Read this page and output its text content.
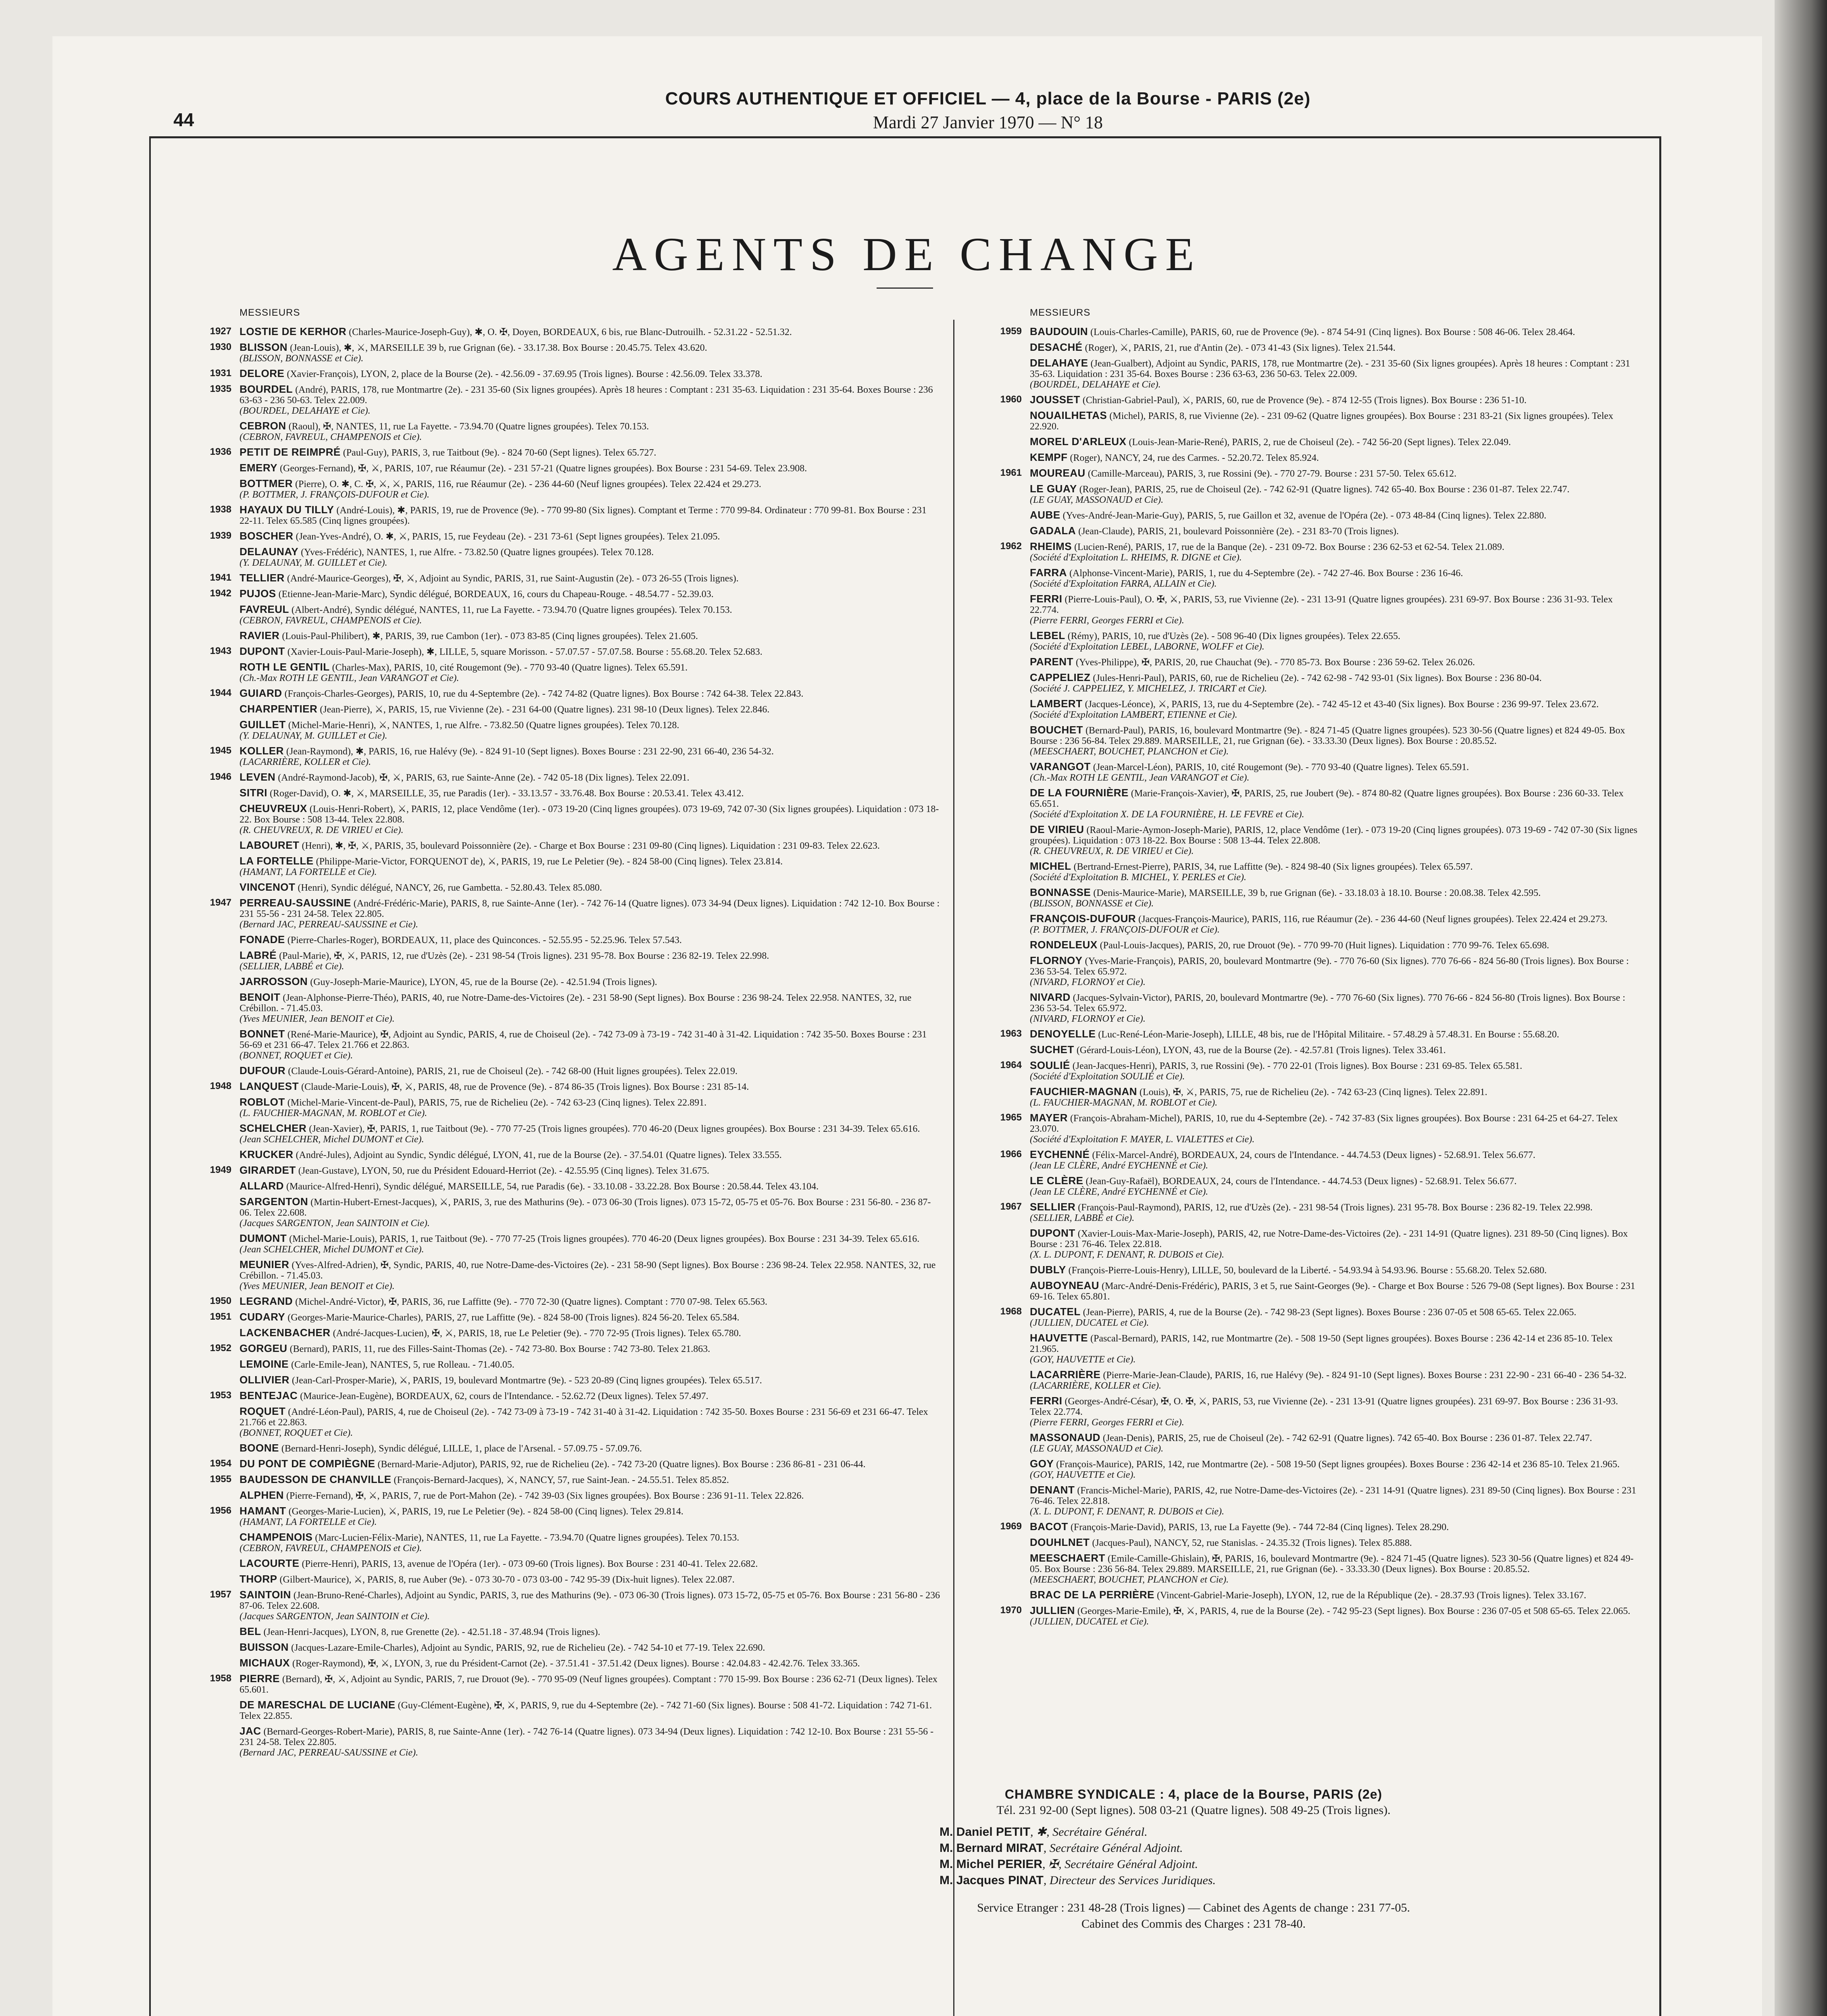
44
COURS AUTHENTIQUE ET OFFICIEL — 4, place de la Bourse - PARIS (2e)
Mardi 27 Janvier 1970 — N° 18
AGENTS DE CHANGE
MESSIEURS
1927 LOSTIE DE KERHOR (Charles-Maurice-Joseph-Guy), ✱, O. ✠, Doyen, BORDEAUX, 6 bis, rue Blanc-Dutrouilh. - 52.31.22 - 52.51.32.
1930 BLISSON (Jean-Louis), ✱, ⚔, MARSEILLE 39 b, rue Grignan (6e). - 33.17.38. Box Bourse : 20.45.75. Telex 43.620.
(BLISSON, BONNASSE et Cie).
1931 DELORE (Xavier-François), LYON, 2, place de la Bourse (2e). - 42.56.09 - 37.69.95 (Trois lignes). Bourse : 42.56.09. Telex 33.378.
1935 BOURDEL (André), PARIS, 178, rue Montmartre (2e). - 231 35-60 (Six lignes groupées). Après 18 heures : Comptant : 231 35-63. Liquidation : 231 35-64. Boxes Bourse : 236 63-63 - 236 50-63. Telex 22.009.
(BOURDEL, DELAHAYE et Cie).
CEBRON (Raoul), ✠, NANTES, 11, rue La Fayette. - 73.94.70 (Quatre lignes groupées). Telex 70.153.
(CEBRON, FAVREUL, CHAMPENOIS et Cie).
1936 PETIT DE REIMPRÉ (Paul-Guy), PARIS, 3, rue Taitbout (9e). - 824 70-60 (Sept lignes). Telex 65.727.
EMERY (Georges-Fernand), ✠, ⚔, PARIS, 107, rue Réaumur (2e). - 231 57-21 (Quatre lignes groupées). Box Bourse : 231 54-69. Telex 23.908.
BOTTMER (Pierre), O. ✱, C. ✠, ⚔, ⚔, PARIS, 116, rue Réaumur (2e). - 236 44-60 (Neuf lignes groupées). Telex 22.424 et 29.273.
(P. BOTTMER, J. FRANÇOIS-DUFOUR et Cie).
1938 HAYAUX DU TILLY (André-Louis), ✱, PARIS, 19, rue de Provence (9e). - 770 99-80 (Six lignes). Comptant et Terme : 770 99-84. Ordinateur : 770 99-81. Box Bourse : 231 22-11. Telex 65.585 (Cinq lignes groupées).
1939 BOSCHER (Jean-Yves-André), O. ✱, ⚔, PARIS, 15, rue Feydeau (2e). - 231 73-61 (Sept lignes groupées). Telex 21.095.
DELAUNAY (Yves-Frédéric), NANTES, 1, rue Alfre. - 73.82.50 (Quatre lignes groupées). Telex 70.128.
(Y. DELAUNAY, M. GUILLET et Cie).
1941 TELLIER (André-Maurice-Georges), ✠, ⚔, Adjoint au Syndic, PARIS, 31, rue Saint-Augustin (2e). - 073 26-55 (Trois lignes).
1942 PUJOS (Etienne-Jean-Marie-Marc), Syndic délégué, BORDEAUX, 16, cours du Chapeau-Rouge. - 48.54.77 - 52.39.03.
FAVREUL (Albert-André), Syndic délégué, NANTES, 11, rue La Fayette. - 73.94.70 (Quatre lignes groupées). Telex 70.153.
(CEBRON, FAVREUL, CHAMPENOIS et Cie).
RAVIER (Louis-Paul-Philibert), ✱, PARIS, 39, rue Cambon (1er). - 073 83-85 (Cinq lignes groupées). Telex 21.605.
1943 DUPONT (Xavier-Louis-Paul-Marie-Joseph), ✱, LILLE, 5, square Morisson. - 57.07.57 - 57.07.58. Bourse : 55.68.20. Telex 52.683.
ROTH LE GENTIL (Charles-Max), PARIS, 10, cité Rougemont (9e). - 770 93-40 (Quatre lignes). Telex 65.591.
(Ch.-Max ROTH LE GENTIL, Jean VARANGOT et Cie).
1944 GUIARD (François-Charles-Georges), PARIS, 10, rue du 4-Septembre (2e). - 742 74-82 (Quatre lignes). Box Bourse : 742 64-38. Telex 22.843.
CHARPENTIER (Jean-Pierre), ⚔, PARIS, 15, rue Vivienne (2e). - 231 64-00 (Quatre lignes). 231 98-10 (Deux lignes). Telex 22.846.
GUILLET (Michel-Marie-Henri), ⚔, NANTES, 1, rue Alfre. - 73.82.50 (Quatre lignes groupées). Telex 70.128.
(Y. DELAUNAY, M. GUILLET et Cie).
1945 KOLLER (Jean-Raymond), ✱, PARIS, 16, rue Halévy (9e). - 824 91-10 (Sept lignes). Boxes Bourse : 231 22-90, 231 66-40, 236 54-32.
(LACARRIÈRE, KOLLER et Cie).
1946 LEVEN (André-Raymond-Jacob), ✠, ⚔, PARIS, 63, rue Sainte-Anne (2e). - 742 05-18 (Dix lignes). Telex 22.091.
SITRI (Roger-David), O. ✱, ⚔, MARSEILLE, 35, rue Paradis (1er). - 33.13.57 - 33.76.48. Box Bourse : 20.53.41. Telex 43.412.
CHEUVREUX (Louis-Henri-Robert), ⚔, PARIS, 12, place Vendôme (1er). - 073 19-20 (Cinq lignes groupées). 073 19-69, 742 07-30 (Six lignes groupées). Liquidation : 073 18-22. Box Bourse : 508 13-44. Telex 22.808.
(R. CHEUVREUX, R. DE VIRIEU et Cie).
LABOURET (Henri), ✱, ✠, ⚔, PARIS, 35, boulevard Poissonnière (2e). - Charge et Box Bourse : 231 09-80 (Cinq lignes). Liquidation : 231 09-83. Telex 22.623.
LA FORTELLE (Philippe-Marie-Victor, FORQUENOT de), ⚔, PARIS, 19, rue Le Peletier (9e). - 824 58-00 (Cinq lignes). Telex 23.814.
(HAMANT, LA FORTELLE et Cie).
VINCENOT (Henri), Syndic délégué, NANCY, 26, rue Gambetta. - 52.80.43. Telex 85.080.
1947 PERREAU-SAUSSINE (André-Frédéric-Marie), PARIS, 8, rue Sainte-Anne (1er). - 742 76-14 (Quatre lignes). 073 34-94 (Deux lignes). Liquidation : 742 12-10. Box Bourse : 231 55-56 - 231 24-58. Telex 22.805.
(Bernard JAC, PERREAU-SAUSSINE et Cie).
FONADE (Pierre-Charles-Roger), BORDEAUX, 11, place des Quinconces. - 52.55.95 - 52.25.96. Telex 57.543.
LABRÉ (Paul-Marie), ✠, ⚔, PARIS, 12, rue d'Uzès (2e). - 231 98-54 (Trois lignes). 231 95-78. Box Bourse : 236 82-19. Telex 22.998.
(SELLIER, LABBÉ et Cie).
JARROSSON (Guy-Joseph-Marie-Maurice), LYON, 45, rue de la Bourse (2e). - 42.51.94 (Trois lignes).
BENOIT (Jean-Alphonse-Pierre-Théo), PARIS, 40, rue Notre-Dame-des-Victoires (2e). - 231 58-90 (Sept lignes). Box Bourse : 236 98-24. Telex 22.958. NANTES, 32, rue Crébillon. - 71.45.03.
(Yves MEUNIER, Jean BENOIT et Cie).
BONNET (René-Marie-Maurice), ✠, Adjoint au Syndic, PARIS, 4, rue de Choiseul (2e). - 742 73-09 à 73-19 - 742 31-40 à 31-42. Liquidation : 742 35-50. Boxes Bourse : 231 56-69 et 231 66-47. Telex 21.766 et 22.863.
(BONNET, ROQUET et Cie).
DUFOUR (Claude-Louis-Gérard-Antoine), PARIS, 21, rue de Choiseul (2e). - 742 68-00 (Huit lignes groupées). Telex 22.019.
1948 LANQUEST (Claude-Marie-Louis), ✠, ⚔, PARIS, 48, rue de Provence (9e). - 874 86-35 (Trois lignes). Box Bourse : 231 85-14.
ROBLOT (Michel-Marie-Vincent-de-Paul), PARIS, 75, rue de Richelieu (2e). - 742 63-23 (Cinq lignes). Telex 22.891.
(L. FAUCHIER-MAGNAN, M. ROBLOT et Cie).
SCHELCHER (Jean-Xavier), ✠, PARIS, 1, rue Taitbout (9e). - 770 77-25 (Trois lignes groupées). 770 46-20 (Deux lignes groupées). Box Bourse : 231 34-39. Telex 65.616.
(Jean SCHELCHER, Michel DUMONT et Cie).
KRUCKER (André-Jules), Adjoint au Syndic, Syndic délégué, LYON, 41, rue de la Bourse (2e). - 37.54.01 (Quatre lignes). Telex 33.555.
1949 GIRARDET (Jean-Gustave), LYON, 50, rue du Président Edouard-Herriot (2e). - 42.55.95 (Cinq lignes). Telex 31.675.
ALLARD (Maurice-Alfred-Henri), Syndic délégué, MARSEILLE, 54, rue Paradis (6e). - 33.10.08 - 33.22.28. Box Bourse : 20.58.44. Telex 43.104.
SARGENTON (Martin-Hubert-Ernest-Jacques), ⚔, PARIS, 3, rue des Mathurins (9e). - 073 06-30 (Trois lignes). 073 15-72, 05-75 et 05-76. Box Bourse : 231 56-80. - 236 87-06. Telex 22.608.
(Jacques SARGENTON, Jean SAINTOIN et Cie).
DUMONT (Michel-Marie-Louis), PARIS, 1, rue Taitbout (9e). - 770 77-25 (Trois lignes groupées). 770 46-20 (Deux lignes groupées). Box Bourse : 231 34-39. Telex 65.616.
(Jean SCHELCHER, Michel DUMONT et Cie).
MEUNIER (Yves-Alfred-Adrien), ✠, Syndic, PARIS, 40, rue Notre-Dame-des-Victoires (2e). - 231 58-90 (Sept lignes). Box Bourse : 236 98-24. Telex 22.958. NANTES, 32, rue Crébillon. - 71.45.03.
(Yves MEUNIER, Jean BENOIT et Cie).
1950 LEGRAND (Michel-André-Victor), ✠, PARIS, 36, rue Laffitte (9e). - 770 72-30 (Quatre lignes). Comptant : 770 07-98. Telex 65.563.
1951 CUDARY (Georges-Marie-Maurice-Charles), PARIS, 27, rue Laffitte (9e). - 824 58-00 (Trois lignes). 824 56-20. Telex 65.584.
LACKENBACHER (André-Jacques-Lucien), ✠, ⚔, PARIS, 18, rue Le Peletier (9e). - 770 72-95 (Trois lignes). Telex 65.780.
1952 GORGEU (Bernard), PARIS, 11, rue des Filles-Saint-Thomas (2e). - 742 73-80. Box Bourse : 742 73-80. Telex 21.863.
LEMOINE (Carle-Emile-Jean), NANTES, 5, rue Rolleau. - 71.40.05.
OLLIVIER (Jean-Carl-Prosper-Marie), ⚔, PARIS, 19, boulevard Montmartre (9e). - 523 20-89 (Cinq lignes groupées). Telex 65.517.
1953 BENTEJAC (Maurice-Jean-Eugène), BORDEAUX, 62, cours de l'Intendance. - 52.62.72 (Deux lignes). Telex 57.497.
ROQUET (André-Léon-Paul), PARIS, 4, rue de Choiseul (2e). - 742 73-09 à 73-19 - 742 31-40 à 31-42. Liquidation : 742 35-50. Boxes Bourse : 231 56-69 et 231 66-47. Telex 21.766 et 22.863.
(BONNET, ROQUET et Cie).
BOONE (Bernard-Henri-Joseph), Syndic délégué, LILLE, 1, place de l'Arsenal. - 57.09.75 - 57.09.76.
1954 DU PONT DE COMPIÈGNE (Bernard-Marie-Adjutor), PARIS, 92, rue de Richelieu (2e). - 742 73-20 (Quatre lignes). Box Bourse : 236 86-81 - 231 06-44.
1955 BAUDESSON DE CHANVILLE (François-Bernard-Jacques), ⚔, NANCY, 57, rue Saint-Jean. - 24.55.51. Telex 85.852.
ALPHEN (Pierre-Fernand), ✠, ⚔, PARIS, 7, rue de Port-Mahon (2e). - 742 39-03 (Six lignes groupées). Box Bourse : 236 91-11. Telex 22.826.
1956 HAMANT (Georges-Marie-Lucien), ⚔, PARIS, 19, rue Le Peletier (9e). - 824 58-00 (Cinq lignes). Telex 29.814.
(HAMANT, LA FORTELLE et Cie).
CHAMPENOIS (Marc-Lucien-Félix-Marie), NANTES, 11, rue La Fayette. - 73.94.70 (Quatre lignes groupées). Telex 70.153.
(CEBRON, FAVREUL, CHAMPENOIS et Cie).
LACOURTE (Pierre-Henri), PARIS, 13, avenue de l'Opéra (1er). - 073 09-60 (Trois lignes). Box Bourse : 231 40-41. Telex 22.682.
THORP (Gilbert-Maurice), ⚔, PARIS, 8, rue Auber (9e). - 073 30-70 - 073 03-00 - 742 95-39 (Dix-huit lignes). Telex 22.087.
1957 SAINTOIN (Jean-Bruno-René-Charles), Adjoint au Syndic, PARIS, 3, rue des Mathurins (9e). - 073 06-30 (Trois lignes). 073 15-72, 05-75 et 05-76. Box Bourse : 231 56-80 - 236 87-06. Telex 22.608.
(Jacques SARGENTON, Jean SAINTOIN et Cie).
BEL (Jean-Henri-Jacques), LYON, 8, rue Grenette (2e). - 42.51.18 - 37.48.94 (Trois lignes).
BUISSON (Jacques-Lazare-Emile-Charles), Adjoint au Syndic, PARIS, 92, rue de Richelieu (2e). - 742 54-10 et 77-19. Telex 22.690.
MICHAUX (Roger-Raymond), ✠, ⚔, LYON, 3, rue du Président-Carnot (2e). - 37.51.41 - 37.51.42 (Deux lignes). Bourse : 42.04.83 - 42.42.76. Telex 33.365.
1958 PIERRE (Bernard), ✠, ⚔, Adjoint au Syndic, PARIS, 7, rue Drouot (9e). - 770 95-09 (Neuf lignes groupées). Comptant : 770 15-99. Box Bourse : 236 62-71 (Deux lignes). Telex 65.601.
DE MARESCHAL DE LUCIANE (Guy-Clément-Eugène), ✠, ⚔, PARIS, 9, rue du 4-Septembre (2e). - 742 71-60 (Six lignes). Bourse : 508 41-72. Liquidation : 742 71-61. Telex 22.855.
JAC (Bernard-Georges-Robert-Marie), PARIS, 8, rue Sainte-Anne (1er). - 742 76-14 (Quatre lignes). 073 34-94 (Deux lignes). Liquidation : 742 12-10. Box Bourse : 231 55-56 - 231 24-58. Telex 22.805.
(Bernard JAC, PERREAU-SAUSSINE et Cie).
MESSIEURS
1959 BAUDOUIN (Louis-Charles-Camille), PARIS, 60, rue de Provence (9e). - 874 54-91 (Cinq lignes). Box Bourse : 508 46-06. Telex 28.464.
DESACHÉ (Roger), ⚔, PARIS, 21, rue d'Antin (2e). - 073 41-43 (Six lignes). Telex 21.544.
DELAHAYE (Jean-Gualbert), Adjoint au Syndic, PARIS, 178, rue Montmartre (2e). - 231 35-60 (Six lignes groupées). Après 18 heures : Comptant : 231 35-63. Liquidation : 231 35-64. Boxes Bourse : 236 63-63, 236 50-63. Telex 22.009.
(BOURDEL, DELAHAYE et Cie).
1960 JOUSSET (Christian-Gabriel-Paul), ⚔, PARIS, 60, rue de Provence (9e). - 874 12-55 (Trois lignes). Box Bourse : 236 51-10.
NOUAILHETAS (Michel), PARIS, 8, rue Vivienne (2e). - 231 09-62 (Quatre lignes groupées). Box Bourse : 231 83-21 (Six lignes groupées). Telex 22.920.
MOREL D'ARLEUX (Louis-Jean-Marie-René), PARIS, 2, rue de Choiseul (2e). - 742 56-20 (Sept lignes). Telex 22.049.
KEMPF (Roger), NANCY, 24, rue des Carmes. - 52.20.72. Telex 85.924.
1961 MOUREAU (Camille-Marceau), PARIS, 3, rue Rossini (9e). - 770 27-79. Bourse : 231 57-50. Telex 65.612.
LE GUAY (Roger-Jean), PARIS, 25, rue de Choiseul (2e). - 742 62-91 (Quatre lignes). 742 65-40. Box Bourse : 236 01-87. Telex 22.747.
(LE GUAY, MASSONAUD et Cie).
AUBE (Yves-André-Jean-Marie-Guy), PARIS, 5, rue Gaillon et 32, avenue de l'Opéra (2e). - 073 48-84 (Cinq lignes). Telex 22.880.
GADALA (Jean-Claude), PARIS, 21, boulevard Poissonnière (2e). - 231 83-70 (Trois lignes).
1962 RHEIMS (Lucien-René), PARIS, 17, rue de la Banque (2e). - 231 09-72. Box Bourse : 236 62-53 et 62-54. Telex 21.089.
(Société d'Exploitation L. RHEIMS, R. DIGNE et Cie).
FARRA (Alphonse-Vincent-Marie), PARIS, 1, rue du 4-Septembre (2e). - 742 27-46. Box Bourse : 236 16-46.
(Société d'Exploitation FARRA, ALLAIN et Cie).
FERRI (Pierre-Louis-Paul), O. ✠, ⚔, PARIS, 53, rue Vivienne (2e). - 231 13-91 (Quatre lignes groupées). 231 69-97. Box Bourse : 236 31-93. Telex 22.774.
(Pierre FERRI, Georges FERRI et Cie).
LEBEL (Rémy), PARIS, 10, rue d'Uzès (2e). - 508 96-40 (Dix lignes groupées). Telex 22.655.
(Société d'Exploitation LEBEL, LABORNE, WOLFF et Cie).
PARENT (Yves-Philippe), ✠, PARIS, 20, rue Chauchat (9e). - 770 85-73. Box Bourse : 236 59-62. Telex 26.026.
CAPPELIEZ (Jules-Henri-Paul), PARIS, 60, rue de Richelieu (2e). - 742 62-98 - 742 93-01 (Six lignes). Box Bourse : 236 80-04.
(Société J. CAPPELIEZ, Y. MICHELEZ, J. TRICART et Cie).
LAMBERT (Jacques-Léonce), ⚔, PARIS, 13, rue du 4-Septembre (2e). - 742 45-12 et 43-40 (Six lignes). Box Bourse : 236 99-97. Telex 23.672.
(Société d'Exploitation LAMBERT, ETIENNE et Cie).
BOUCHET (Bernard-Paul), PARIS, 16, boulevard Montmartre (9e). - 824 71-45 (Quatre lignes groupées). 523 30-56 (Quatre lignes) et 824 49-05. Box Bourse : 236 56-84. Telex 29.889. MARSEILLE, 21, rue Grignan (6e). - 33.33.30 (Deux lignes). Box Bourse : 20.85.52.
(MEESCHAERT, BOUCHET, PLANCHON et Cie).
VARANGOT (Jean-Marcel-Léon), PARIS, 10, cité Rougemont (9e). - 770 93-40 (Quatre lignes). Telex 65.591.
(Ch.-Max ROTH LE GENTIL, Jean VARANGOT et Cie).
DE LA FOURNIÈRE (Marie-François-Xavier), ✠, PARIS, 25, rue Joubert (9e). - 874 80-82 (Quatre lignes groupées). Box Bourse : 236 60-33. Telex 65.651.
(Société d'Exploitation X. DE LA FOURNIÈRE, H. LE FEVRE et Cie).
DE VIRIEU (Raoul-Marie-Aymon-Joseph-Marie), PARIS, 12, place Vendôme (1er). - 073 19-20 (Cinq lignes groupées). 073 19-69 - 742 07-30 (Six lignes groupées). Liquidation : 073 18-22. Box Bourse : 508 13-44. Telex 22.808.
(R. CHEUVREUX, R. DE VIRIEU et Cie).
MICHEL (Bertrand-Ernest-Pierre), PARIS, 34, rue Laffitte (9e). - 824 98-40 (Six lignes groupées). Telex 65.597.
(Société d'Exploitation B. MICHEL, Y. PERLES et Cie).
BONNASSE (Denis-Maurice-Marie), MARSEILLE, 39 b, rue Grignan (6e). - 33.18.03 à 18.10. Bourse : 20.08.38. Telex 42.595.
(BLISSON, BONNASSE et Cie).
FRANÇOIS-DUFOUR (Jacques-François-Maurice), PARIS, 116, rue Réaumur (2e). - 236 44-60 (Neuf lignes groupées). Telex 22.424 et 29.273.
(P. BOTTMER, J. FRANÇOIS-DUFOUR et Cie).
RONDELEUX (Paul-Louis-Jacques), PARIS, 20, rue Drouot (9e). - 770 99-70 (Huit lignes). Liquidation : 770 99-76. Telex 65.698.
FLORNOY (Yves-Marie-François), PARIS, 20, boulevard Montmartre (9e). - 770 76-60 (Six lignes). 770 76-66 - 824 56-80 (Trois lignes). Box Bourse : 236 53-54. Telex 65.972.
(NIVARD, FLORNOY et Cie).
NIVARD (Jacques-Sylvain-Victor), PARIS, 20, boulevard Montmartre (9e). - 770 76-60 (Six lignes). 770 76-66 - 824 56-80 (Trois lignes). Box Bourse : 236 53-54. Telex 65.972.
(NIVARD, FLORNOY et Cie).
1963 DENOYELLE (Luc-René-Léon-Marie-Joseph), LILLE, 48 bis, rue de l'Hôpital Militaire. - 57.48.29 à 57.48.31. En Bourse : 55.68.20.
SUCHET (Gérard-Louis-Léon), LYON, 43, rue de la Bourse (2e). - 42.57.81 (Trois lignes). Telex 33.461.
1964 SOULIÉ (Jean-Jacques-Henri), PARIS, 3, rue Rossini (9e). - 770 22-01 (Trois lignes). Box Bourse : 231 69-85. Telex 65.581.
(Société d'Exploitation SOULIÉ et Cie).
FAUCHIER-MAGNAN (Louis), ✠, ⚔, PARIS, 75, rue de Richelieu (2e). - 742 63-23 (Cinq lignes). Telex 22.891.
(L. FAUCHIER-MAGNAN, M. ROBLOT et Cie).
1965 MAYER (François-Abraham-Michel), PARIS, 10, rue du 4-Septembre (2e). - 742 37-83 (Six lignes groupées). Box Bourse : 231 64-25 et 64-27. Telex 23.070.
(Société d'Exploitation F. MAYER, L. VIALETTES et Cie).
1966 EYCHENNÉ (Félix-Marcel-André), BORDEAUX, 24, cours de l'Intendance. - 44.74.53 (Deux lignes) - 52.68.91. Telex 56.677.
(Jean LE CLÈRE, André EYCHENNÉ et Cie).
LE CLÈRE (Jean-Guy-Rafaël), BORDEAUX, 24, cours de l'Intendance. - 44.74.53 (Deux lignes) - 52.68.91. Telex 56.677.
(Jean LE CLÈRE, André EYCHENNÉ et Cie).
1967 SELLIER (François-Paul-Raymond), PARIS, 12, rue d'Uzès (2e). - 231 98-54 (Trois lignes). 231 95-78. Box Bourse : 236 82-19. Telex 22.998.
(SELLIER, LABBÉ et Cie).
DUPONT (Xavier-Louis-Max-Marie-Joseph), PARIS, 42, rue Notre-Dame-des-Victoires (2e). - 231 14-91 (Quatre lignes). 231 89-50 (Cinq lignes). Box Bourse : 231 76-46. Telex 22.818.
(X. L. DUPONT, F. DENANT, R. DUBOIS et Cie).
DUBLY (François-Pierre-Louis-Henry), LILLE, 50, boulevard de la Liberté. - 54.93.94 à 54.93.96. Bourse : 55.68.20. Telex 52.680.
AUBOYNEAU (Marc-André-Denis-Frédéric), PARIS, 3 et 5, rue Saint-Georges (9e). - Charge et Box Bourse : 526 79-08 (Sept lignes). Box Bourse : 231 69-16. Telex 65.801.
1968 DUCATEL (Jean-Pierre), PARIS, 4, rue de la Bourse (2e). - 742 98-23 (Sept lignes). Boxes Bourse : 236 07-05 et 508 65-65. Telex 22.065.
(JULLIEN, DUCATEL et Cie).
HAUVETTE (Pascal-Bernard), PARIS, 142, rue Montmartre (2e). - 508 19-50 (Sept lignes groupées). Boxes Bourse : 236 42-14 et 236 85-10. Telex 21.965.
(GOY, HAUVETTE et Cie).
LACARRIÈRE (Pierre-Marie-Jean-Claude), PARIS, 16, rue Halévy (9e). - 824 91-10 (Sept lignes). Boxes Bourse : 231 22-90 - 231 66-40 - 236 54-32.
(LACARRIÈRE, KOLLER et Cie).
FERRI (Georges-André-César), ✠, O. ✠, ⚔, PARIS, 53, rue Vivienne (2e). - 231 13-91 (Quatre lignes groupées). 231 69-97. Box Bourse : 236 31-93. Telex 22.774.
(Pierre FERRI, Georges FERRI et Cie).
MASSONAUD (Jean-Denis), PARIS, 25, rue de Choiseul (2e). - 742 62-91 (Quatre lignes). 742 65-40. Box Bourse : 236 01-87. Telex 22.747.
(LE GUAY, MASSONAUD et Cie).
GOY (François-Maurice), PARIS, 142, rue Montmartre (2e). - 508 19-50 (Sept lignes groupées). Boxes Bourse : 236 42-14 et 236 85-10. Telex 21.965.
(GOY, HAUVETTE et Cie).
DENANT (Francis-Michel-Marie), PARIS, 42, rue Notre-Dame-des-Victoires (2e). - 231 14-91 (Quatre lignes). 231 89-50 (Cinq lignes). Box Bourse : 231 76-46. Telex 22.818.
(X. L. DUPONT, F. DENANT, R. DUBOIS et Cie).
1969 BACOT (François-Marie-David), PARIS, 13, rue La Fayette (9e). - 744 72-84 (Cinq lignes). Telex 28.290.
DOUHLNET (Jacques-Paul), NANCY, 52, rue Stanislas. - 24.35.32 (Trois lignes). Telex 85.888.
MEESCHAERT (Emile-Camille-Ghislain), ✠, PARIS, 16, boulevard Montmartre (9e). - 824 71-45 (Quatre lignes). 523 30-56 (Quatre lignes) et 824 49-05. Box Bourse : 236 56-84. Telex 29.889. MARSEILLE, 21, rue Grignan (6e). - 33.33.30 (Deux lignes). Box Bourse : 20.85.52.
(MEESCHAERT, BOUCHET, PLANCHON et Cie).
BRAC DE LA PERRIÈRE (Vincent-Gabriel-Marie-Joseph), LYON, 12, rue de la République (2e). - 28.37.93 (Trois lignes). Telex 33.167.
1970 JULLIEN (Georges-Marie-Emile), ✠, ⚔, PARIS, 4, rue de la Bourse (2e). - 742 95-23 (Sept lignes). Box Bourse : 236 07-05 et 508 65-65. Telex 22.065.
(JULLIEN, DUCATEL et Cie).
CHAMBRE SYNDICALE : 4, place de la Bourse, PARIS (2e)
Tél. 231 92-00 (Sept lignes). 508 03-21 (Quatre lignes). 508 49-25 (Trois lignes).
M. Daniel PETIT, ✱, Secrétaire Général.
M. Bernard MIRAT, Secrétaire Général Adjoint.
M. Michel PERIER, ✠, Secrétaire Général Adjoint.
M. Jacques PINAT, Directeur des Services Juridiques.
Service Etranger : 231 48-28 (Trois lignes) — Cabinet des Agents de change : 231 77-05.
Cabinet des Commis des Charges : 231 78-40.
